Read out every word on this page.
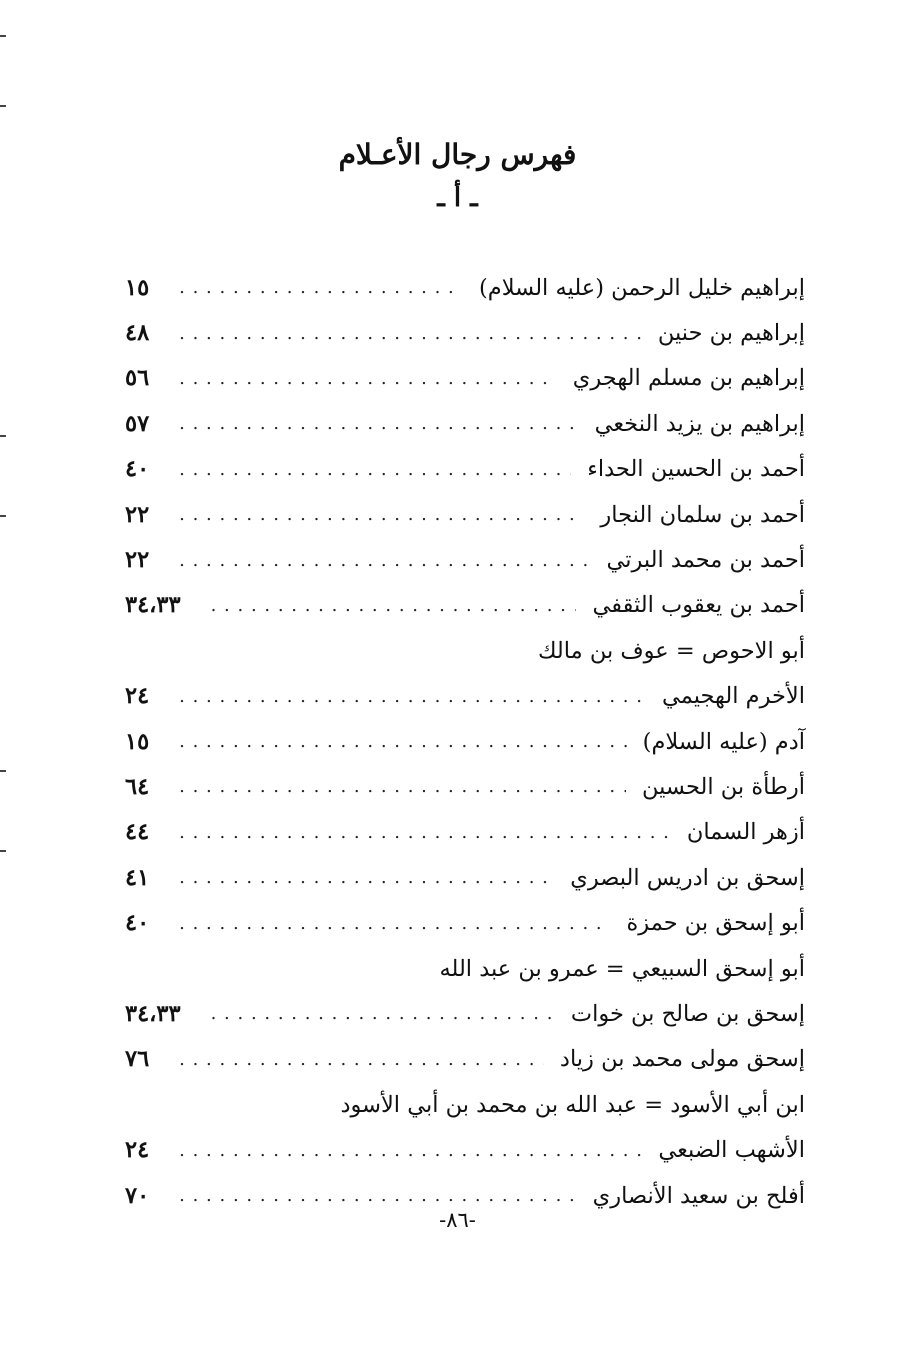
فهرس رجال الأعـلام
ـ أ ـ
إبراهيم خليل الرحمن (عليه السلام)
. . .
١٥
إبراهيم بن حنين
. . .
٤٨
إبراهيم بن مسلم الهجري
. . .
٥٦
إبراهيم بن يزيد النخعي
. . .
٥٧
أحمد بن الحسين الحداء
. . .
٤٠
أحمد بن سلمان النجار
. . .
٢٢
أحمد بن محمد البرتي
. . .
٢٢
أحمد بن يعقوب الثقفي
. . .
٣٤،٣٣
أبو الاحوص = عوف بن مالك
الأخرم الهجيمي
. . .
٢٤
آدم (عليه السلام)
. . .
١٥
أرطأة بن الحسين
. . .
٦٤
أزهر السمان
. . .
٤٤
إسحق بن ادريس البصري
. . .
٤١
أبو إسحق بن حمزة
. . .
٤٠
أبو إسحق السبيعي = عمرو بن عبد الله
إسحق بن صالح بن خوات
. . .
٣٤،٣٣
إسحق مولى محمد بن زياد
. . .
٧٦
ابن أبي الأسود = عبد الله بن محمد بن أبي الأسود
الأشهب الضبعي
. . .
٢٤
أفلح بن سعيد الأنصاري
. . .
٧٠
-٨٦-
